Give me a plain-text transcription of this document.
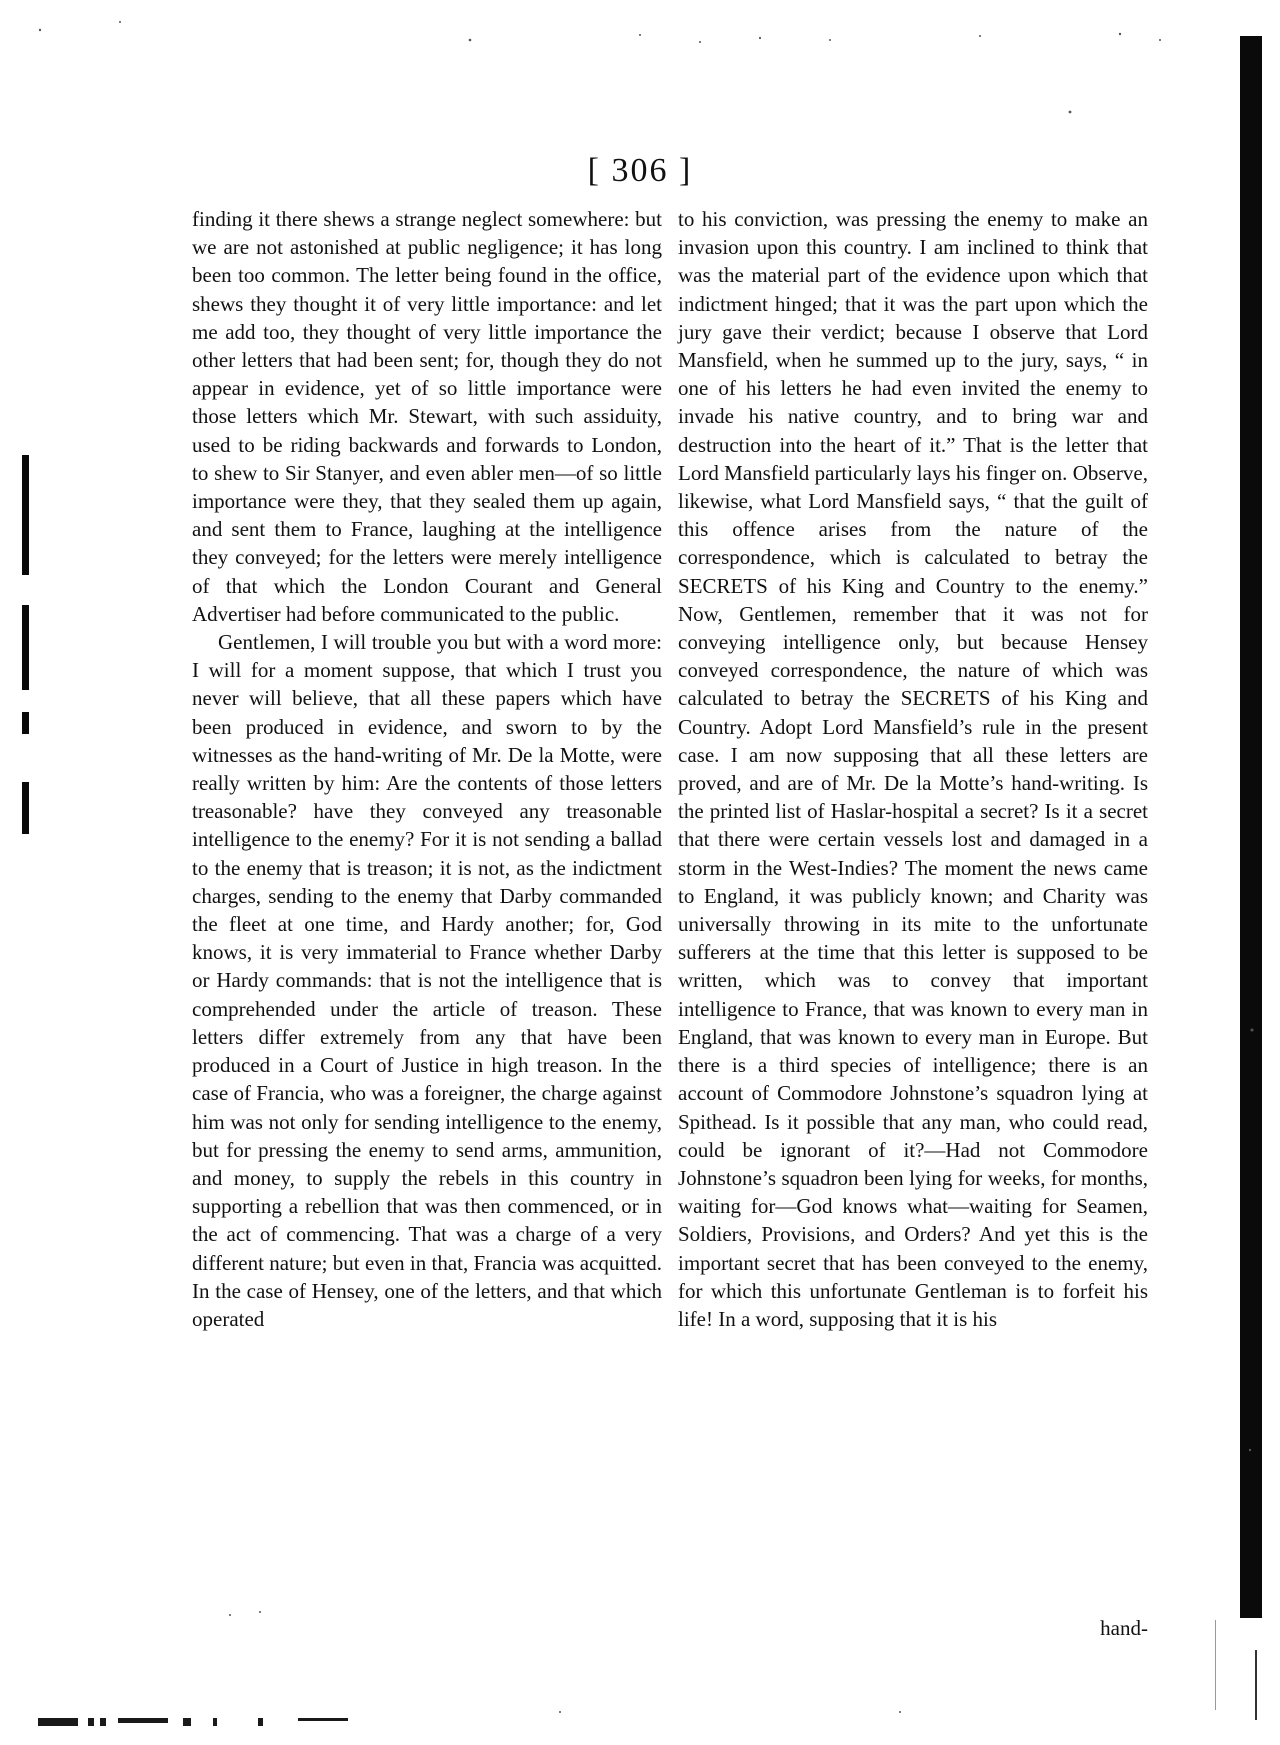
[ 306 ]

finding it there shews a strange neglect somewhere: but we are not astonished at public negligence; it has long been too common. The letter being found in the office, shews they thought it of very little importance: and let me add too, they thought of very little importance the other letters that had been sent; for, though they do not appear in evidence, yet of so little importance were those letters which Mr. Stewart, with such assiduity, used to be riding backwards and forwards to London, to shew to Sir Stanyer, and even abler men—of so little importance were they, that they sealed them up again, and sent them to France, laughing at the intelligence they conveyed; for the letters were merely intelligence of that which the London Courant and General Advertiser had before communicated to the public.

Gentlemen, I will trouble you but with a word more: I will for a moment suppose, that which I trust you never will believe, that all these papers which have been produced in evidence, and sworn to by the witnesses as the hand-writing of Mr. De la Motte, were really written by him: Are the contents of those letters treasonable? have they conveyed any treasonable intelligence to the enemy? For it is not sending a ballad to the enemy that is treason; it is not, as the indictment charges, sending to the enemy that Darby commanded the fleet at one time, and Hardy another; for, God knows, it is very immaterial to France whether Darby or Hardy commands: that is not the intelligence that is comprehended under the article of treason. These letters differ extremely from any that have been produced in a Court of Justice in high treason. In the case of Francia, who was a foreigner, the charge against him was not only for sending intelligence to the enemy, but for pressing the enemy to send arms, ammunition, and money, to supply the rebels in this country in supporting a rebellion that was then commenced, or in the act of commencing. That was a charge of a very different nature; but even in that, Francia was acquitted. In the case of Hensey, one of the letters, and that which operated

to his conviction, was pressing the enemy to make an invasion upon this country. I am inclined to think that was the material part of the evidence upon which that indictment hinged; that it was the part upon which the jury gave their verdict; because I observe that Lord Mansfield, when he summed up to the jury, says, “ in one of his letters he had even invited the enemy to invade his native country, and to bring war and destruction into the heart of it.” That is the letter that Lord Mansfield particularly lays his finger on. Observe, likewise, what Lord Mansfield says, “ that the guilt of this offence arises from the nature of the correspondence, which is calculated to betray the SECRETS of his King and Country to the enemy.” Now, Gentlemen, remember that it was not for conveying intelligence only, but because Hensey conveyed correspondence, the nature of which was calculated to betray the SECRETS of his King and Country. Adopt Lord Mansfield’s rule in the present case. I am now supposing that all these letters are proved, and are of Mr. De la Motte’s hand-writing. Is the printed list of Haslar-hospital a secret? Is it a secret that there were certain vessels lost and damaged in a storm in the West-Indies? The moment the news came to England, it was publicly known; and Charity was universally throwing in its mite to the unfortunate sufferers at the time that this letter is supposed to be written, which was to convey that important intelligence to France, that was known to every man in England, that was known to every man in Europe. But there is a third species of intelligence; there is an account of Commodore Johnstone’s squadron lying at Spithead. Is it possible that any man, who could read, could be ignorant of it?—Had not Commodore Johnstone’s squadron been lying for weeks, for months, waiting for—God knows what—waiting for Seamen, Soldiers, Provisions, and Orders? And yet this is the important secret that has been conveyed to the enemy, for which this unfortunate Gentleman is to forfeit his life! In a word, supposing that it is his

hand-
